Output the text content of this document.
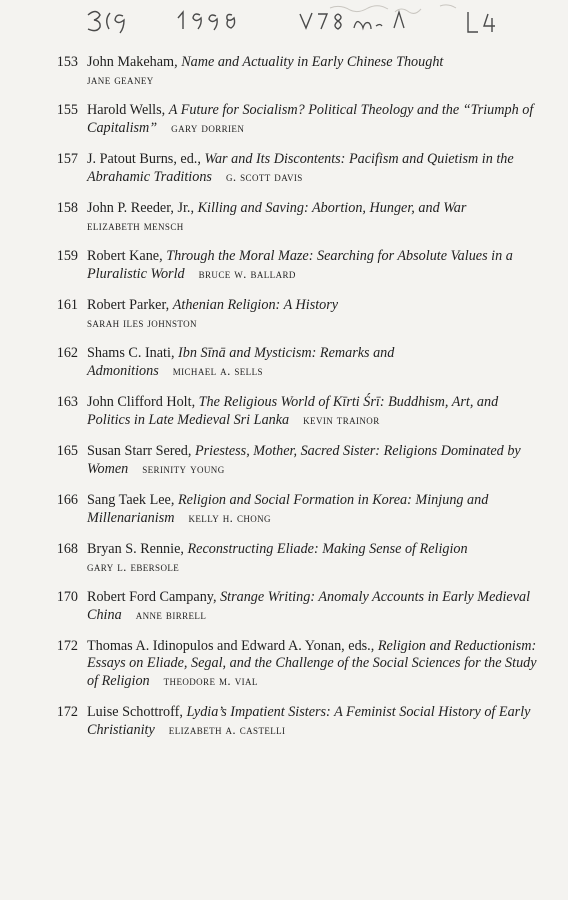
153 John Makeham, Name and Actuality in Early Chinese Thought
jane geaney
155 Harold Wells, A Future for Socialism? Political Theology and the “Triumph of Capitalism” gary dorrien
157 J. Patout Burns, ed., War and Its Discontents: Pacifism and Quietism in the Abrahamic Traditions g. scott davis
158 John P. Reeder, Jr., Killing and Saving: Abortion, Hunger, and War
elizabeth mensch
159 Robert Kane, Through the Moral Maze: Searching for Absolute Values in a Pluralistic World bruce w. ballard
161 Robert Parker, Athenian Religion: A History
sarah iles johnston
162 Shams C. Inati, Ibn Sīnā and Mysticism: Remarks and Admonitions michael a. sells
163 John Clifford Holt, The Religious World of Kīrti Śrī: Buddhism, Art, and Politics in Late Medieval Sri Lanka kevin trainor
165 Susan Starr Sered, Priestess, Mother, Sacred Sister: Religions Dominated by Women serinity young
166 Sang Taek Lee, Religion and Social Formation in Korea: Minjung and Millenarianism kelly h. chong
168 Bryan S. Rennie, Reconstructing Eliade: Making Sense of Religion
gary l. ebersole
170 Robert Ford Campany, Strange Writing: Anomaly Accounts in Early Medieval China anne birrell
172 Thomas A. Idinopulos and Edward A. Yonan, eds., Religion and Reductionism: Essays on Eliade, Segal, and the Challenge of the Social Sciences for the Study of Religion theodore m. vial
172 Luise Schottroff, Lydia’s Impatient Sisters: A Feminist Social History of Early Christianity elizabeth a. castelli
